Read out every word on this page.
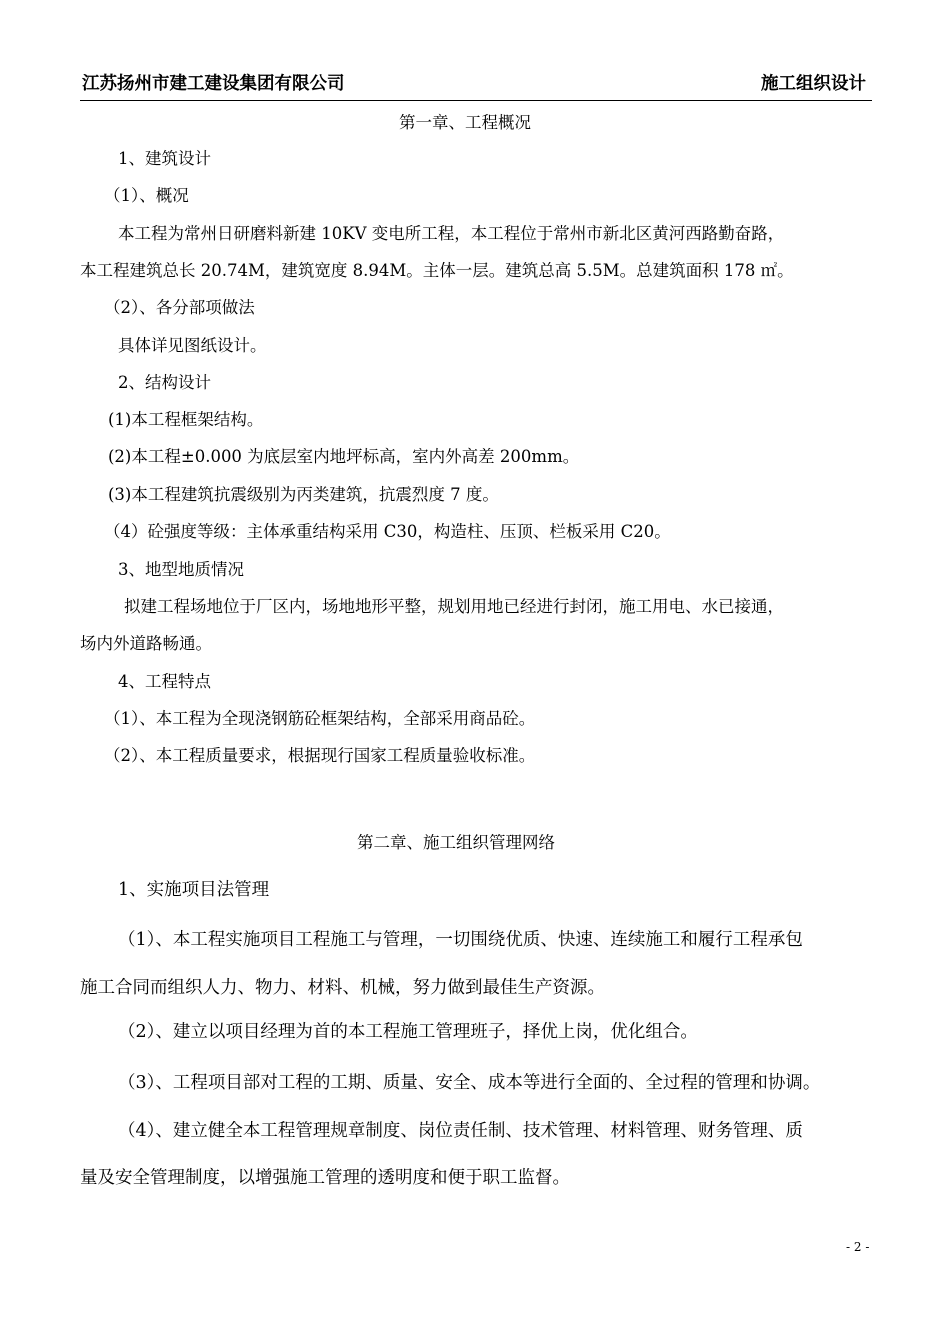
江苏扬州市建工建设集团有限公司	施工组织设计
第一章、工程概况
1、建筑设计
（1）、概况
本工程为常州日研磨料新建 10KV 变电所工程，本工程位于常州市新北区黄河西路勤奋路，
本工程建筑总长 20.74M，建筑宽度 8.94M。主体一层。建筑总高 5.5M。总建筑面积 178 ㎡。
（2）、各分部项做法
具体详见图纸设计。
2、结构设计
(1)本工程框架结构。
(2)本工程±0.000 为底层室内地坪标高，室内外高差 200mm。
(3)本工程建筑抗震级别为丙类建筑，抗震烈度 7 度。
（4）砼强度等级：主体承重结构采用 C30，构造柱、压顶、栏板采用 C20。
3、地型地质情况
拟建工程场地位于厂区内，场地地形平整，规划用地已经进行封闭，施工用电、水已接通，
场内外道路畅通。
4、工程特点
（1）、本工程为全现浇钢筋砼框架结构，全部采用商品砼。
（2）、本工程质量要求，根据现行国家工程质量验收标准。
第二章、施工组织管理网络
1、实施项目法管理
（1）、本工程实施项目工程施工与管理，一切围绕优质、快速、连续施工和履行工程承包
施工合同而组织人力、物力、材料、机械，努力做到最佳生产资源。
（2）、建立以项目经理为首的本工程施工管理班子，择优上岗，优化组合。
（3）、工程项目部对工程的工期、质量、安全、成本等进行全面的、全过程的管理和协调。
（4）、建立健全本工程管理规章制度、岗位责任制、技术管理、材料管理、财务管理、质
量及安全管理制度，以增强施工管理的透明度和便于职工监督。
- 2 -
